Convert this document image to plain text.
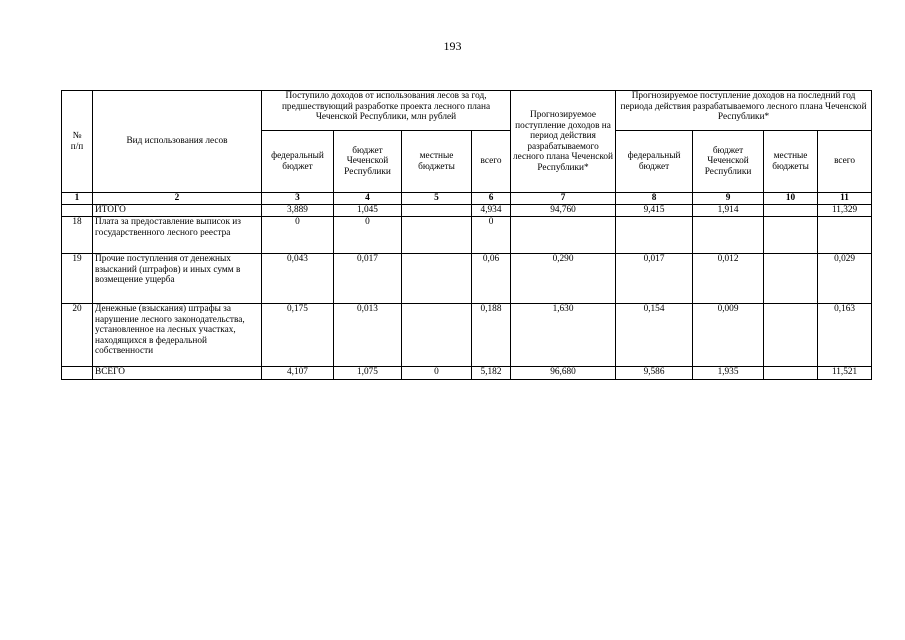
193
№
п/п	Вид использования лесов	Поступило доходов от использования лесов за год, предшествующий разработке проекта лесного плана Чеченской Республики, млн рублей				Прогнозируемое поступление доходов на период действия разрабатываемого лесного плана Чеченской Республики*	Прогнозируемое поступление доходов на последний год периода действия разрабатываемого лесного плана Чеченской Республики*			
		федеральный бюджет	бюджет Чеченской Республики	местные бюджеты	всего		федеральный бюджет	бюджет Чеченской Республики	местные бюджеты	всего
1	2	3	4	5	6	7	8	9	10	11
	ИТОГО	3,889	1,045		4,934	94,760	9,415	1,914		11,329
18	Плата за предоставление выписок из государственного лесного реестра	0	0		0					
19	Прочие поступления от денежных взысканий (штрафов) и иных сумм в возмещение ущерба	0,043	0,017		0,06	0,290	0,017	0,012		0,029
20	Денежные (взыскания) штрафы за нарушение лесного законодательства, установленное на лесных участках, находящихся в федеральной собственности	0,175	0,013		0,188	1,630	0,154	0,009		0,163
	ВСЕГО	4,107	1,075	0	5,182	96,680	9,586	1,935		11,521
